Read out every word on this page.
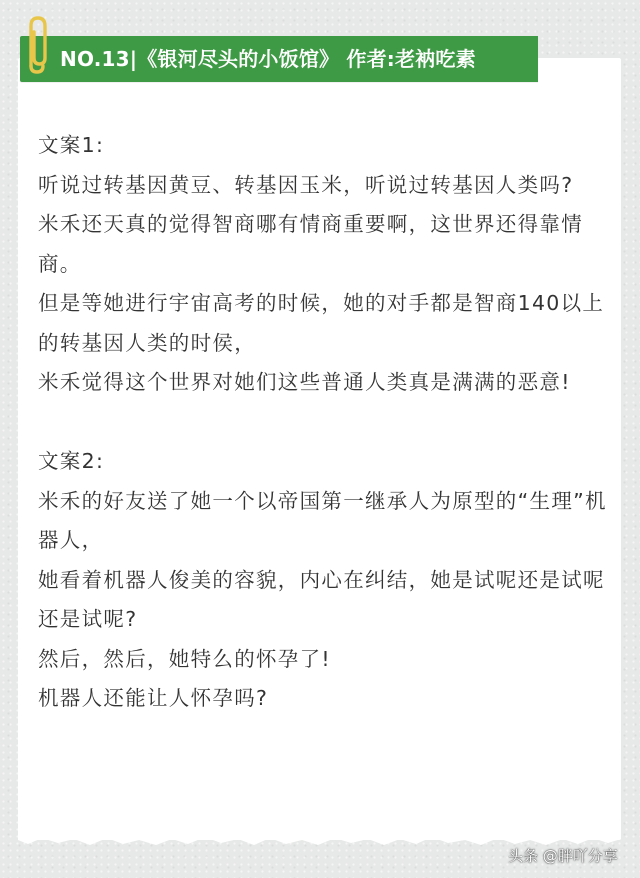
NO.13|《银河尽头的小饭馆》 作者:老衲吃素

文案1:

听说过转基因黄豆、转基因玉米，听说过转基因人类吗?

米禾还天真的觉得智商哪有情商重要啊，这世界还得靠情商。

但是等她进行宇宙高考的时候，她的对手都是智商140以上的转基因人类的时侯，

米禾觉得这个世界对她们这些普通人类真是满满的恶意!

文案2:

米禾的好友送了她一个以帝国第一继承人为原型的“生理”机器人，

她看着机器人俊美的容貌，内心在纠结，她是试呢还是试呢还是试呢?

然后，然后，她特么的怀孕了!

机器人还能让人怀孕吗?

头条 @胖吖分享
